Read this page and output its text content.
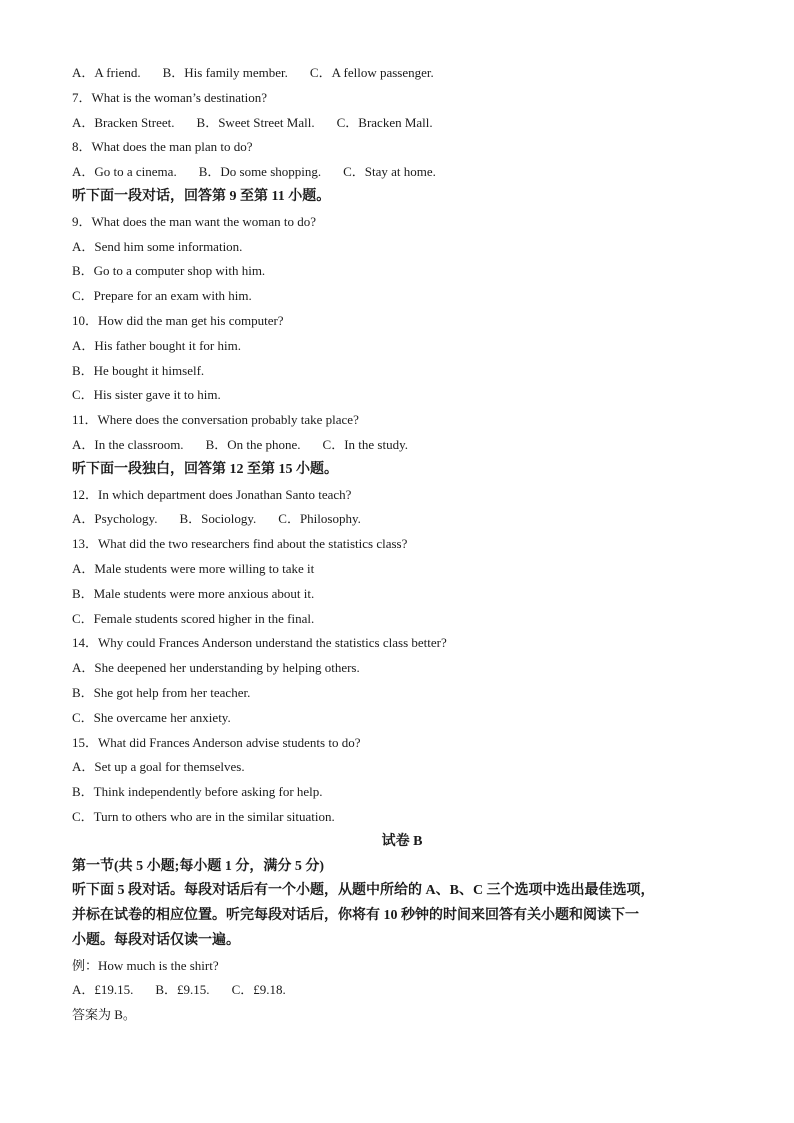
A．A friend. B．His family member. C．A fellow passenger.
7．What is the woman’s destination?
A．Bracken Street. B．Sweet Street Mall. C．Bracken Mall.
8．What does the man plan to do?
A．Go to a cinema. B．Do some shopping. C．Stay at home.
听下面一段对话，回答第 9 至第 11 小题。
9．What does the man want the woman to do?
A．Send him some information.
B．Go to a computer shop with him.
C．Prepare for an exam with him.
10．How did the man get his computer?
A．His father bought it for him.
B．He bought it himself.
C．His sister gave it to him.
11．Where does the conversation probably take place?
A．In the classroom. B．On the phone. C．In the study.
听下面一段独白，回答第 12 至第 15 小题。
12．In which department does Jonathan Santo teach?
A．Psychology. B．Sociology. C．Philosophy.
13．What did the two researchers find about the statistics class?
A．Male students were more willing to take it
B．Male students were more anxious about it.
C．Female students scored higher in the final.
14．Why could Frances Anderson understand the statistics class better?
A．She deepened her understanding by helping others.
B．She got help from her teacher.
C．She overcame her anxiety.
15．What did Frances Anderson advise students to do?
A．Set up a goal for themselves.
B．Think independently before asking for help.
C．Turn to others who are in the similar situation.
试卷 B
第一节(共 5 小题;每小题 1 分，满分 5 分)
听下面 5 段对话。每段对话后有一个小题，从题中所给的 A、B、C 三个选项中选出最佳选项，
并标在试卷的相应位置。听完每段对话后，你将有 10 秒钟的时间来回答有关小题和阅读下一
小题。每段对话仅读一遍。
例：How much is the shirt?
A．£19.15. B．£9.15. C．£9.18.
答案为 B。
